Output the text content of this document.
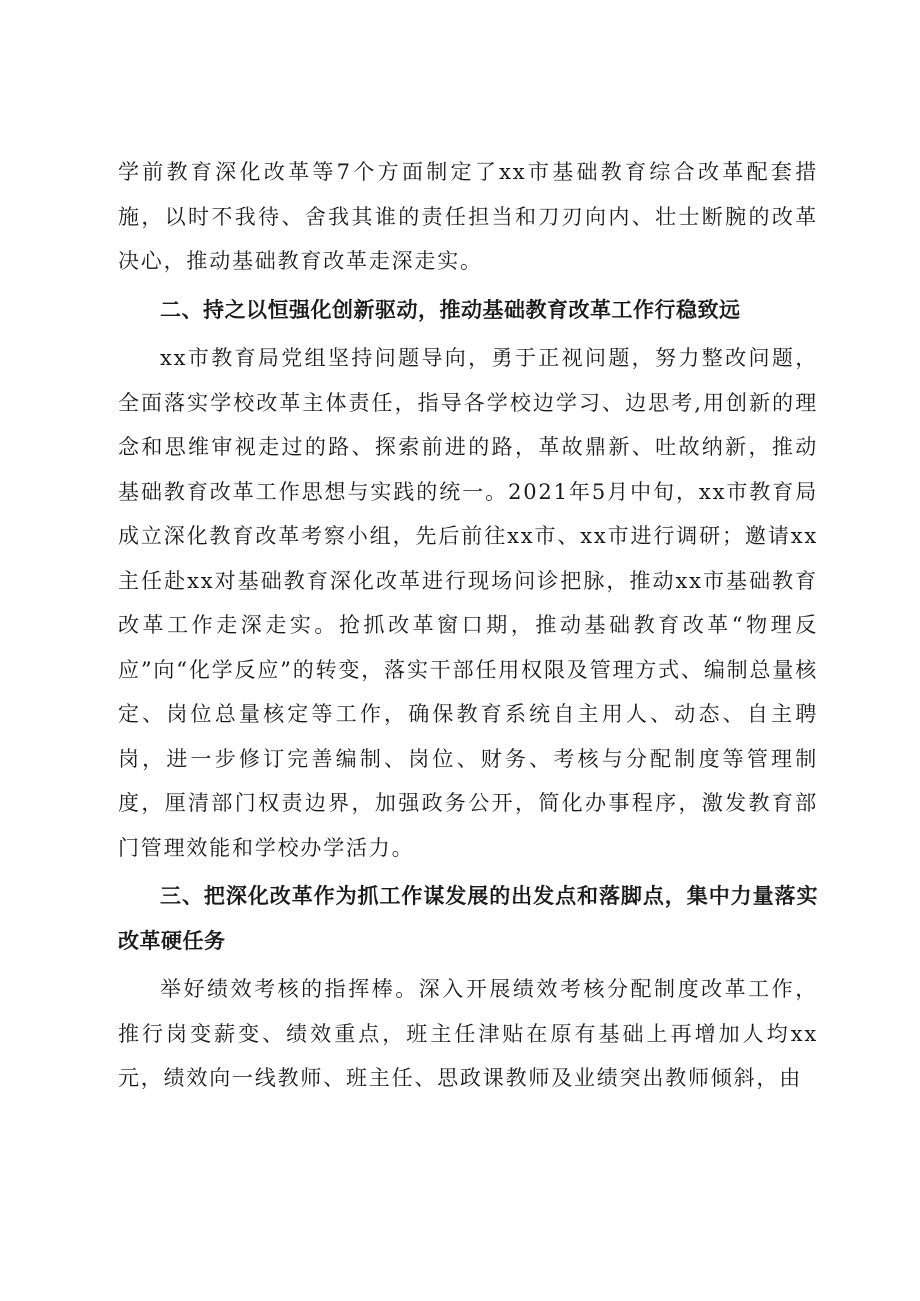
学前教育深化改革等7个方面制定了xx市基础教育综合改革配套措施，以时不我待、舍我其谁的责任担当和刀刃向内、壮士断腕的改革决心，推动基础教育改革走深走实。

二、持之以恒强化创新驱动，推动基础教育改革工作行稳致远

xx市教育局党组坚持问题导向，勇于正视问题，努力整改问题，全面落实学校改革主体责任，指导各学校边学习、边思考,用创新的理念和思维审视走过的路、探索前进的路，革故鼎新、吐故纳新，推动基础教育改革工作思想与实践的统一。2021年5月中旬，xx市教育局成立深化教育改革考察小组，先后前往xx市、xx市进行调研；邀请xx主任赴xx对基础教育深化改革进行现场问诊把脉，推动xx市基础教育改革工作走深走实。抢抓改革窗口期，推动基础教育改革“物理反应”向“化学反应”的转变，落实干部任用权限及管理方式、编制总量核定、岗位总量核定等工作，确保教育系统自主用人、动态、自主聘岗，进一步修订完善编制、岗位、财务、考核与分配制度等管理制度，厘清部门权责边界，加强政务公开，简化办事程序，激发教育部门管理效能和学校办学活力。

三、把深化改革作为抓工作谋发展的出发点和落脚点，集中力量落实改革硬任务

举好绩效考核的指挥棒。深入开展绩效考核分配制度改革工作，推行岗变薪变、绩效重点，班主任津贴在原有基础上再增加人均xx元，绩效向一线教师、班主任、思政课教师及业绩突出教师倾斜，由
